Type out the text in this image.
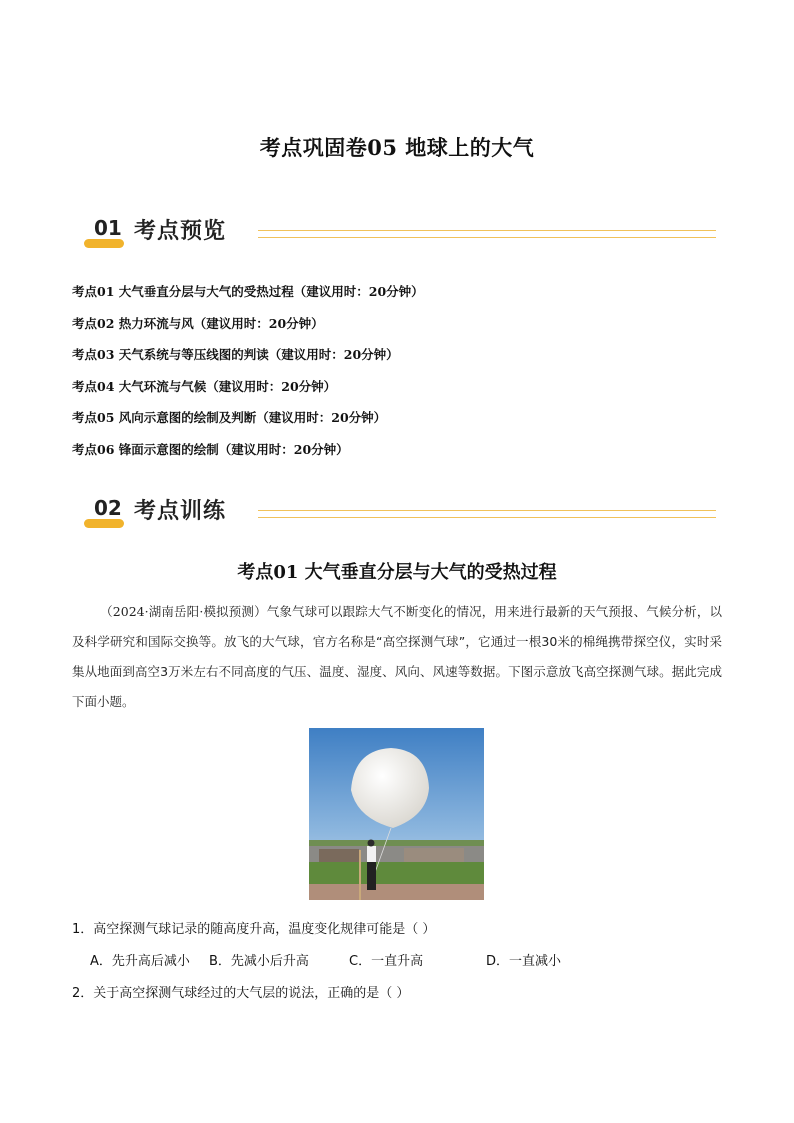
考点巩固卷05 地球上的大气
01 考点预览
考点01 大气垂直分层与大气的受热过程（建议用时：20分钟）
考点02 热力环流与风（建议用时：20分钟）
考点03 天气系统与等压线图的判读（建议用时：20分钟）
考点04 大气环流与气候（建议用时：20分钟）
考点05 风向示意图的绘制及判断（建议用时：20分钟）
考点06 锋面示意图的绘制（建议用时：20分钟）
02 考点训练
考点01 大气垂直分层与大气的受热过程
（2024·湖南岳阳·模拟预测）气象气球可以跟踪大气不断变化的情况，用来进行最新的天气预报、气候分析，以及科学研究和国际交换等。放飞的大气球，官方名称是“高空探测气球”，它通过一根30米的棉绳携带探空仪，实时采集从地面到高空3万米左右不同高度的气压、温度、湿度、风向、风速等数据。下图示意放飞高空探测气球。据此完成下面小题。
1．高空探测气球记录的随高度升高，温度变化规律可能是（ ）
A．先升高后减小 B．先减小后升高	C．一直升高	D．一直减小
2．关于高空探测气球经过的大气层的说法，正确的是（ ）
